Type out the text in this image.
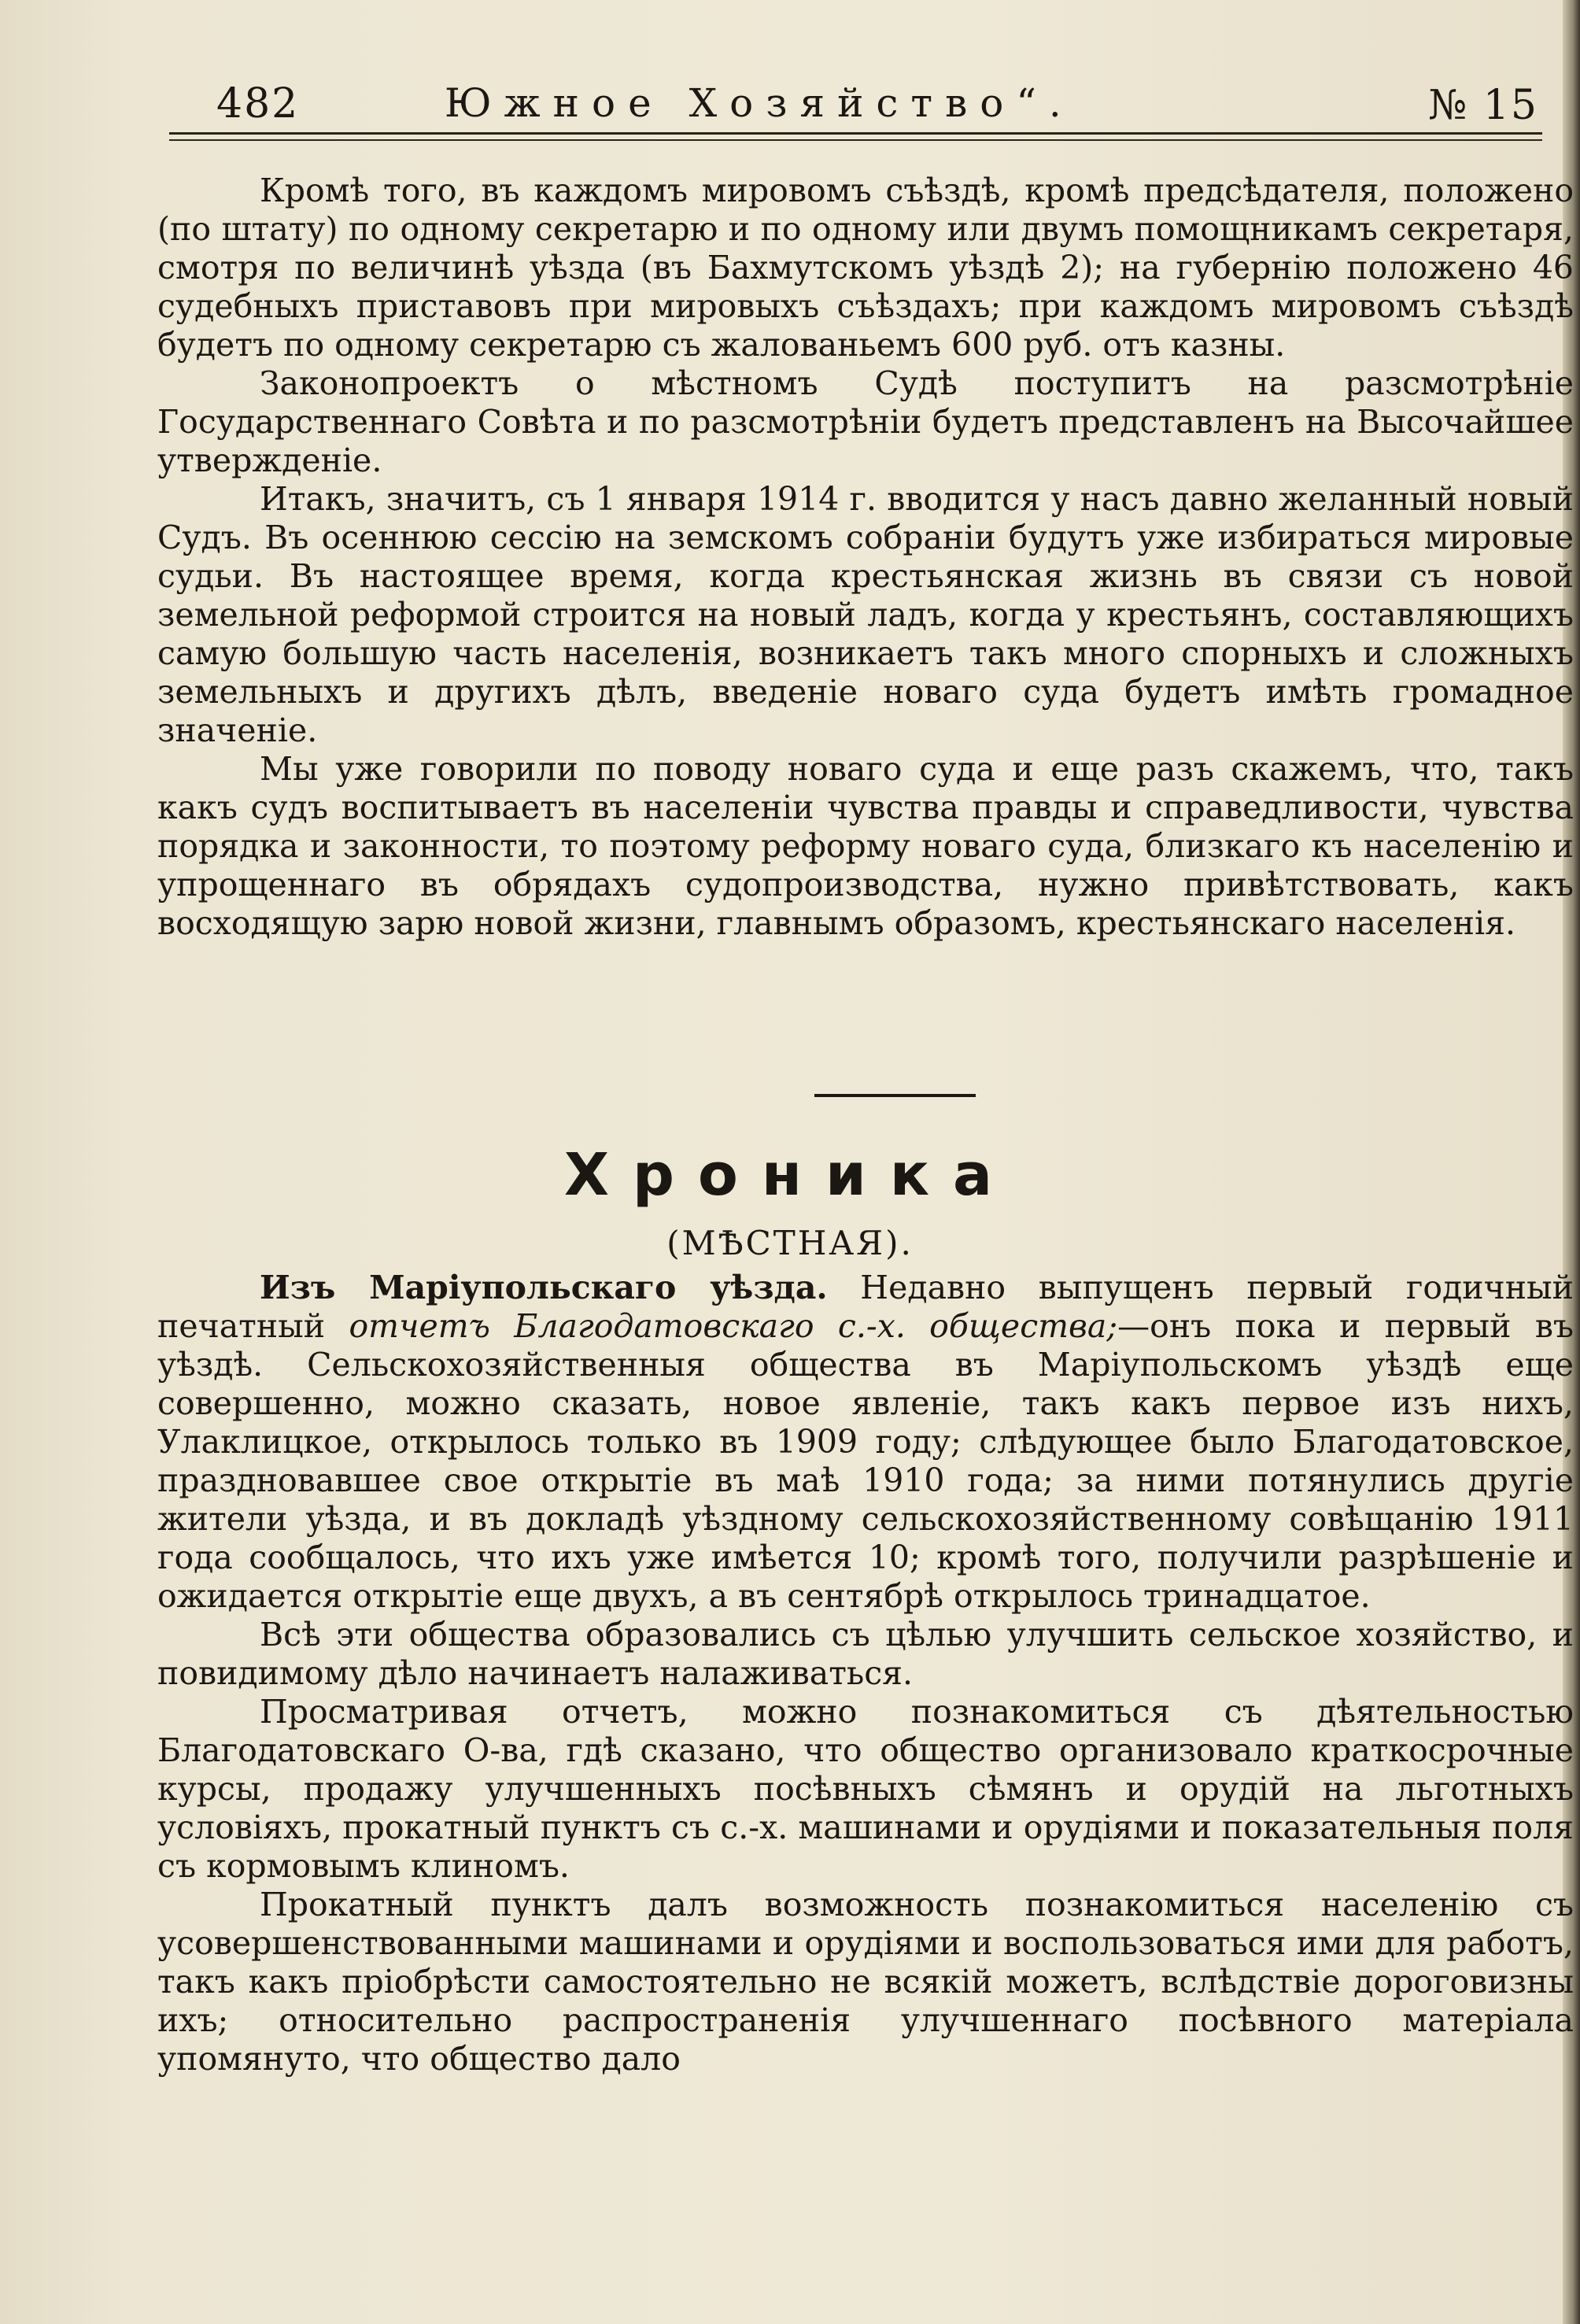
482	Южное Хозяйство“.	№ 15

Кромѣ того, въ каждомъ мировомъ съѣздѣ, кромѣ предсѣдателя, положено (по штату) по одному секретарю и по одному или двумъ помощникамъ секретаря, смотря по величинѣ уѣзда (въ Бахмутскомъ уѣздѣ 2); на губернію положено 46 судебныхъ приставовъ при мировыхъ съѣздахъ; при каждомъ мировомъ съѣздѣ будетъ по одному секретарю съ жалованьемъ 600 руб. отъ казны.

Законопроектъ о мѣстномъ Судѣ поступитъ на разсмотрѣніе Государственнаго Совѣта и по разсмотрѣніи будетъ представленъ на Высочайшее утвержденіе.

Итакъ, значитъ, съ 1 января 1914 г. вводится у насъ давно желанный новый Судъ. Въ осеннюю сессію на земскомъ собраніи будутъ уже избираться мировые судьи. Въ настоящее время, когда крестьянская жизнь въ связи съ новой земельной реформой строится на новый ладъ, когда у крестьянъ, составляющихъ самую большую часть населенія, возникаетъ такъ много спорныхъ и сложныхъ земельныхъ и другихъ дѣлъ, введеніе новаго суда будетъ имѣть громадное значеніе.

Мы уже говорили по поводу новаго суда и еще разъ скажемъ, что, такъ какъ судъ воспитываетъ въ населеніи чувства правды и справедливости, чувства порядка и законности, то поэтому реформу новаго суда, близкаго къ населенію и упрощеннаго въ обрядахъ судопроизводства, нужно привѣтствовать, какъ восходящую зарю новой жизни, главнымъ образомъ, крестьянскаго населенія.

Хроника
(МѢСТНАЯ).

Изъ Маріупольскаго уѣзда. Недавно выпущенъ первый годичный печатный отчетъ Благодатовскаго с.-х. общества;—онъ пока и первый въ уѣздѣ. Сельскохозяйственныя общества въ Маріупольскомъ уѣздѣ еще совершенно, можно сказать, новое явленіе, такъ какъ первое изъ нихъ, Улаклицкое, открылось только въ 1909 году; слѣдующее было Благодатовское, праздновавшее свое открытіе въ маѣ 1910 года; за ними потянулись другіе жители уѣзда, и въ докладѣ уѣздному сельскохозяйственному совѣщанію 1911 года сообщалось, что ихъ уже имѣется 10; кромѣ того, получили разрѣшеніе и ожидается открытіе еще двухъ, а въ сентябрѣ открылось тринадцатое.

Всѣ эти общества образовались съ цѣлью улучшить сельское хозяйство, и повидимому дѣло начинаетъ налаживаться.

Просматривая отчетъ, можно познакомиться съ дѣятельностью Благодатовскаго О-ва, гдѣ сказано, что общество организовало краткосрочные курсы, продажу улучшенныхъ посѣвныхъ сѣмянъ и орудій на льготныхъ условіяхъ, прокатный пунктъ съ с.-х. машинами и орудіями и показательныя поля съ кормовымъ клиномъ.

Прокатный пунктъ далъ возможность познакомиться населенію съ усовершенствованными машинами и орудіями и воспользоваться ими для работъ, такъ какъ пріобрѣсти самостоятельно не всякій можетъ, вслѣдствіе дороговизны ихъ; относительно распространенія улучшеннаго посѣвного матеріала упомянуто, что общество дало
